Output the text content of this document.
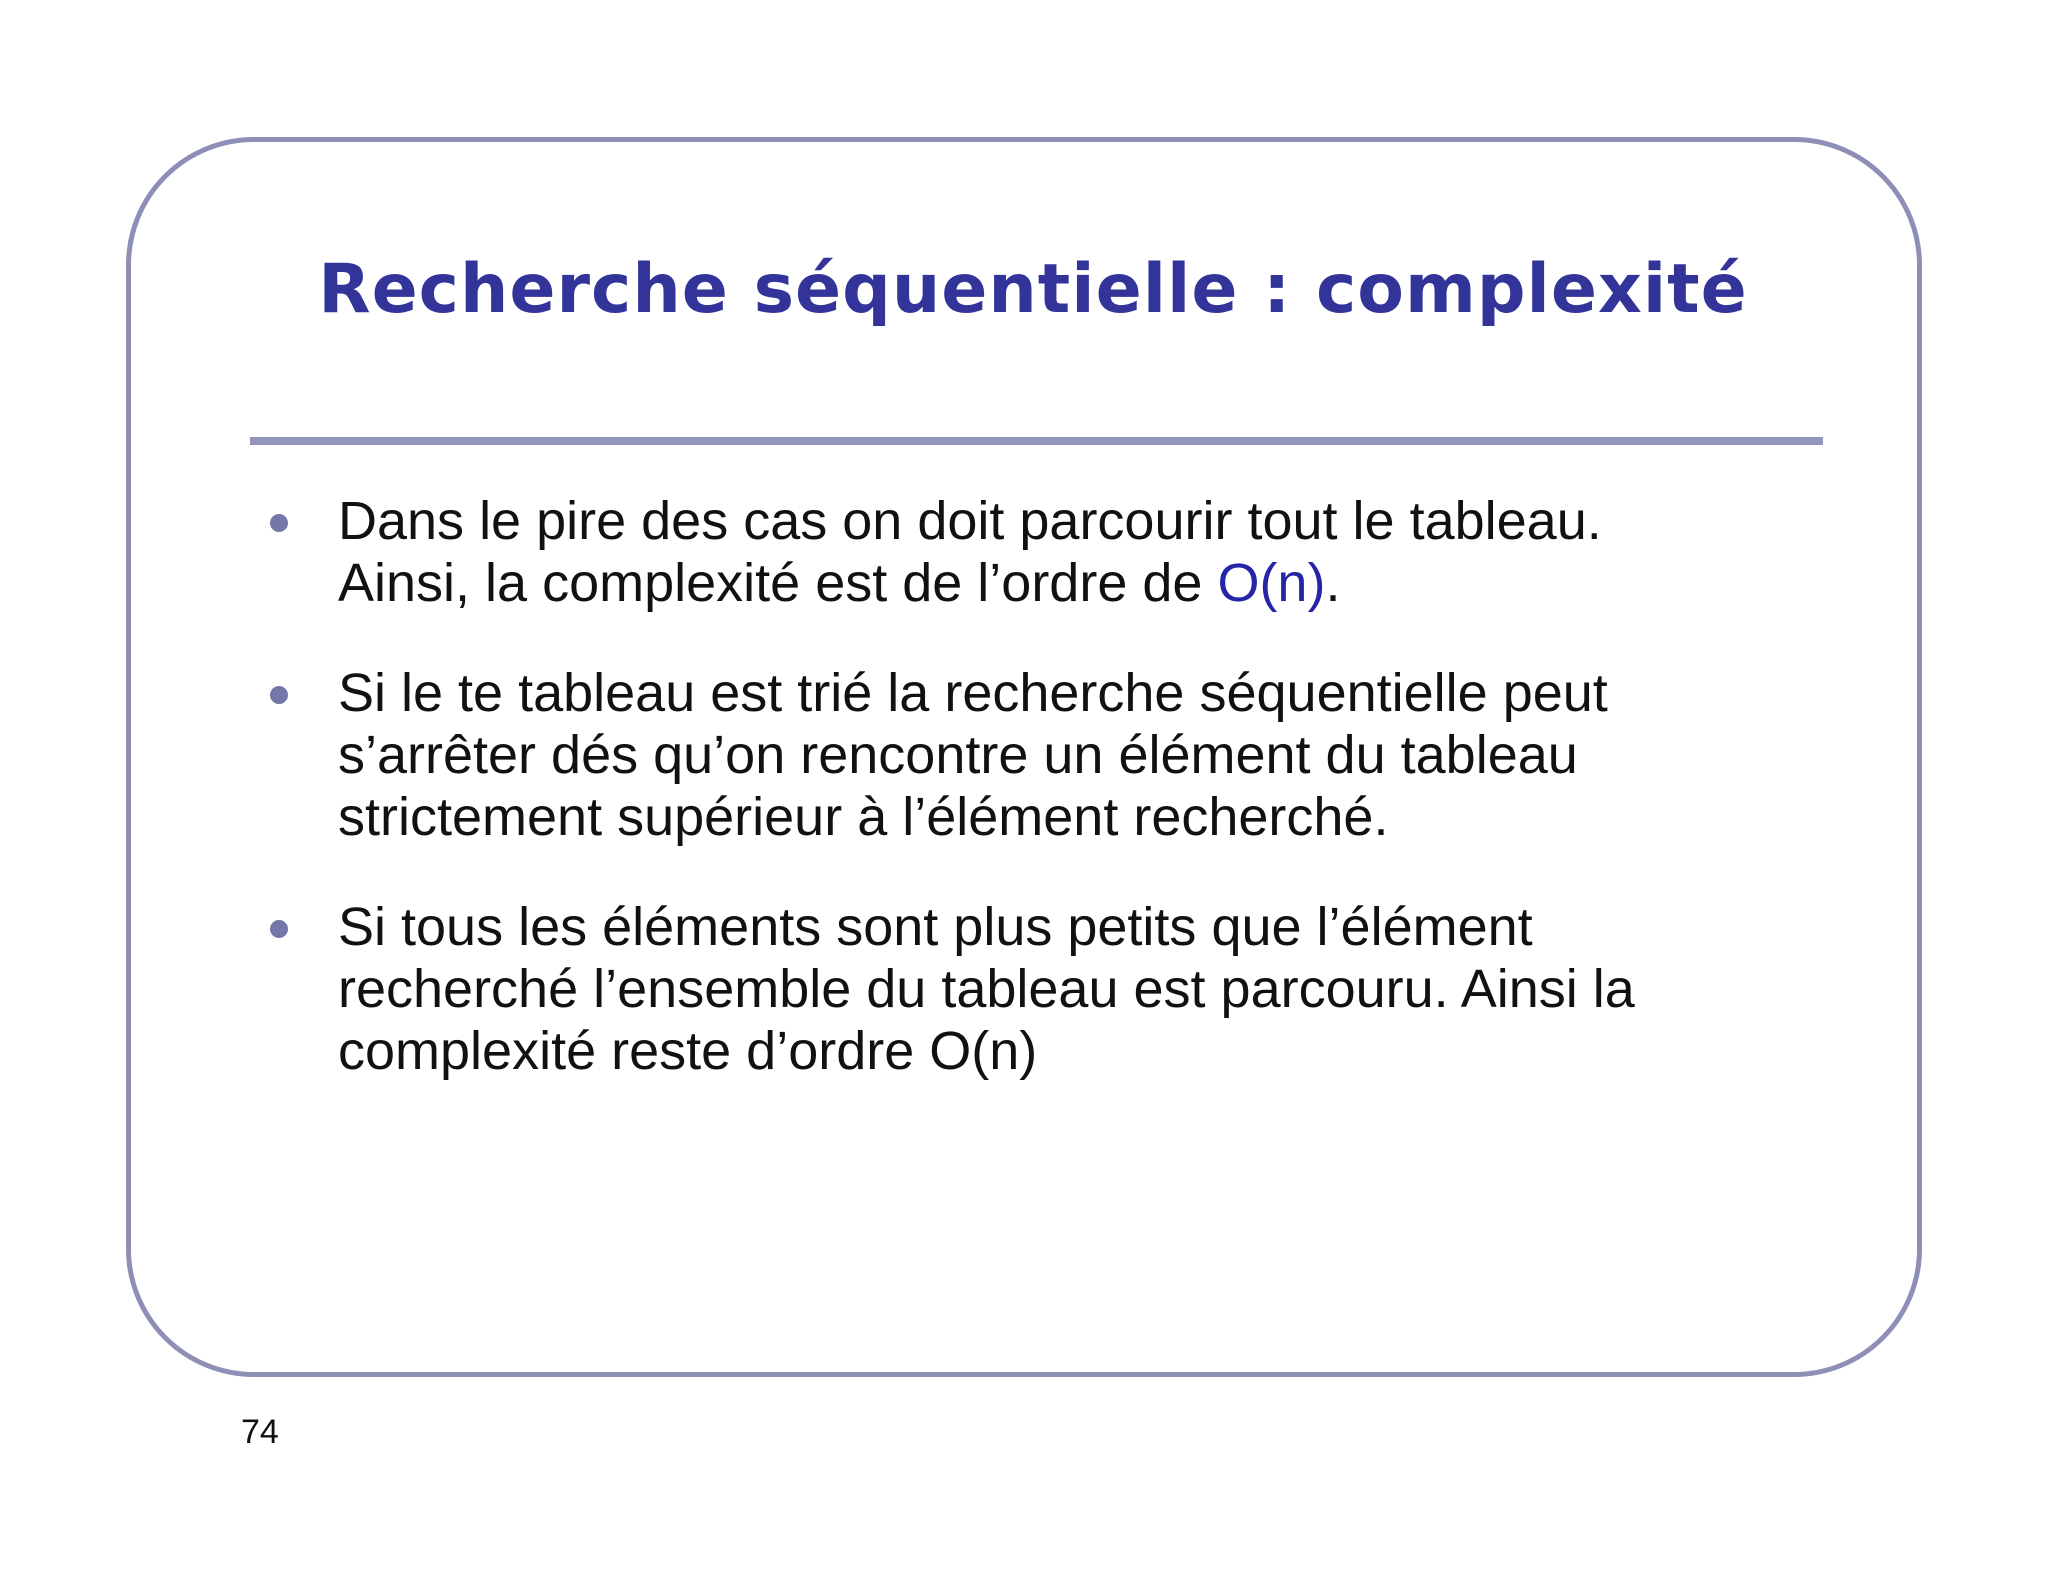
Recherche séquentielle : complexité
Dans le pire des cas on doit parcourir tout le tableau.
Ainsi, la complexité est de l’ordre de O(n).
Si le te tableau est trié la recherche séquentielle peut
s’arrêter dés qu’on rencontre un élément du tableau
strictement supérieur à l’élément recherché.
Si tous les éléments sont plus petits que l’élément
recherché l’ensemble du tableau est parcouru. Ainsi la
complexité reste d’ordre O(n)
74
